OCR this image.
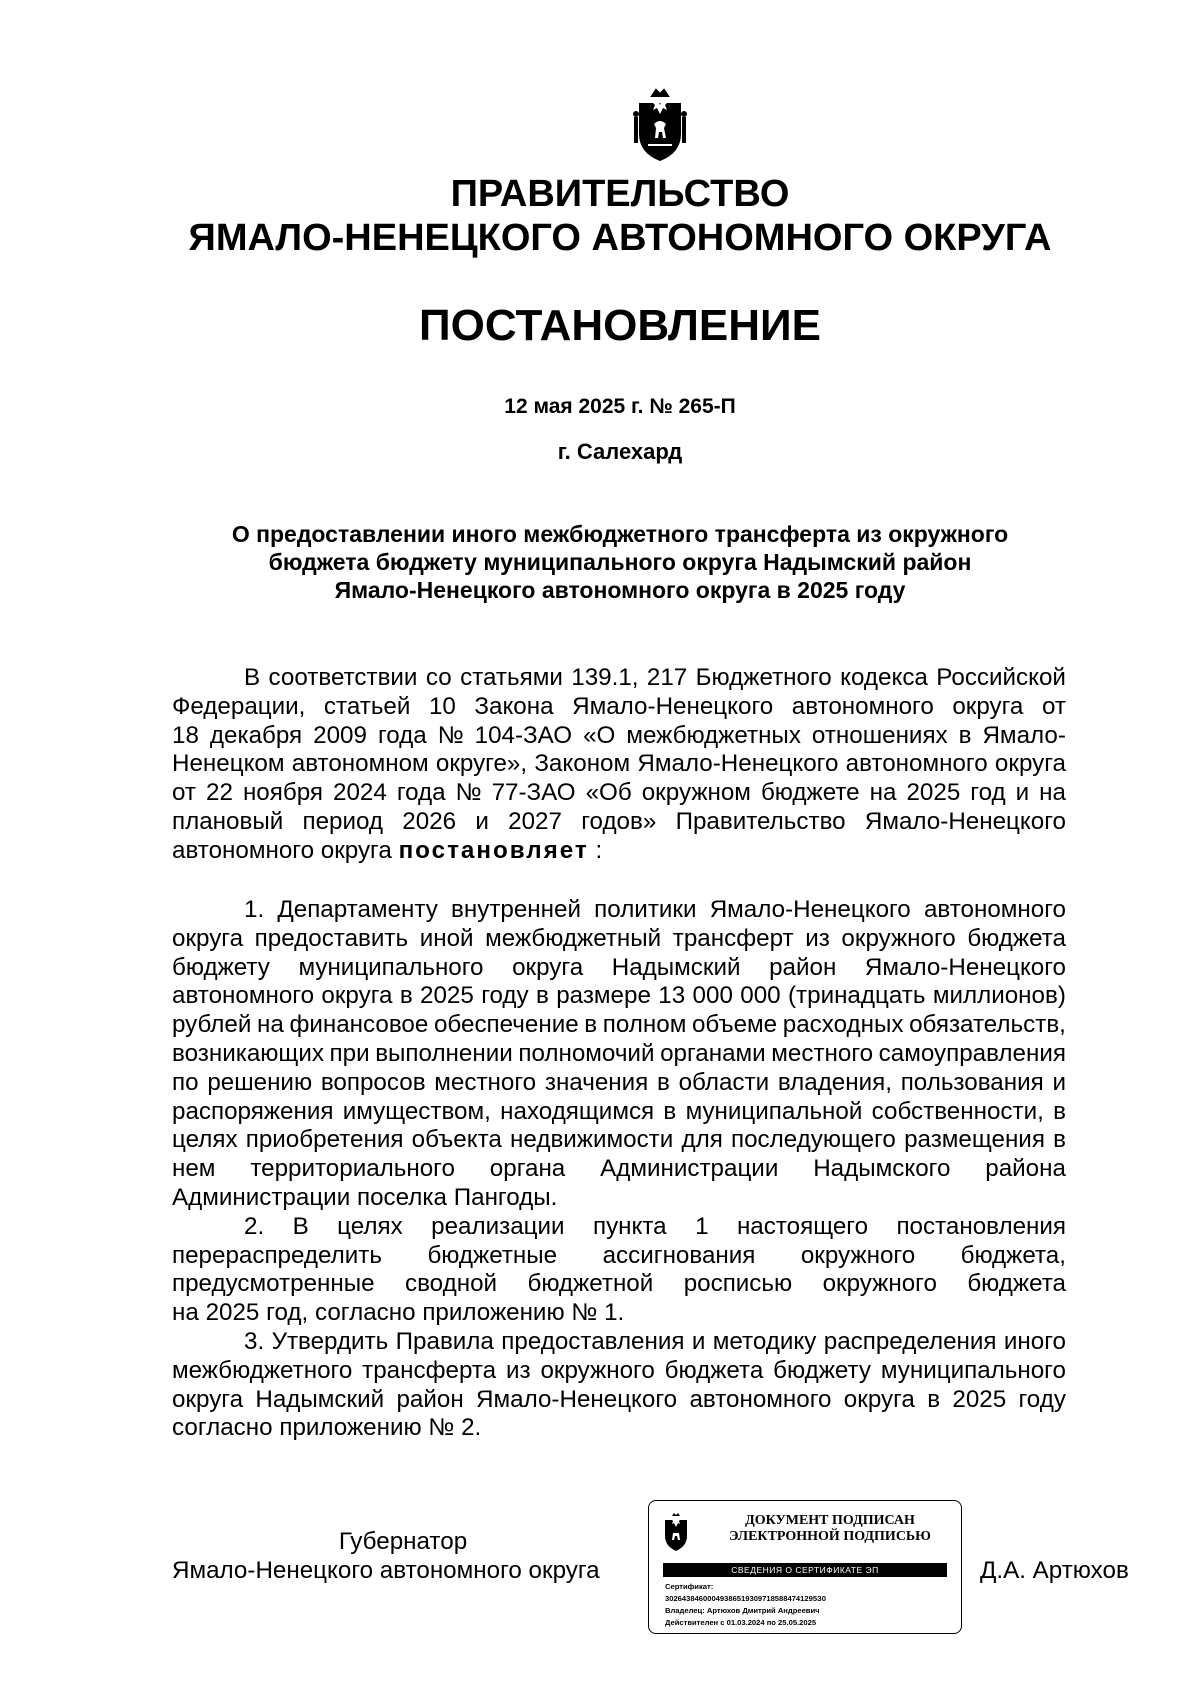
ПРАВИТЕЛЬСТВО
ЯМАЛО-НЕНЕЦКОГО АВТОНОМНОГО ОКРУГА
ПОСТАНОВЛЕНИЕ
12 мая 2025 г. № 265-П
г. Салехард
О предоставлении иного межбюджетного трансферта из окружного
бюджета бюджету муниципального округа Надымский район
Ямало-Ненецкого автономного округа в 2025 году
В соответствии со статьями 139.1, 217 Бюджетного кодекса Российской
Федерации, статьей 10 Закона Ямало-Ненецкого автономного округа от
18 декабря 2009 года № 104-ЗАО «О межбюджетных отношениях в Ямало-
Ненецком автономном округе», Законом Ямало-Ненецкого автономного округа
от 22 ноября 2024 года № 77-ЗАО «Об окружном бюджете на 2025 год и на
плановый период 2026 и 2027 годов» Правительство Ямало-Ненецкого
автономного округа постановляет :
1. Департаменту внутренней политики Ямало-Ненецкого автономного
округа предоставить иной межбюджетный трансферт из окружного бюджета
бюджету муниципального округа Надымский район Ямало-Ненецкого
автономного округа в 2025 году в размере 13 000 000 (тринадцать миллионов)
рублей на финансовое обеспечение в полном объеме расходных обязательств,
возникающих при выполнении полномочий органами местного самоуправления
по решению вопросов местного значения в области владения, пользования и
распоряжения имуществом, находящимся в муниципальной собственности, в
целях приобретения объекта недвижимости для последующего размещения в
нем территориального органа Администрации Надымского района
Администрации поселка Пангоды.
2. В целях реализации пункта 1 настоящего постановления
перераспределить бюджетные ассигнования окружного бюджета,
предусмотренные сводной бюджетной росписью окружного бюджета
на 2025 год, согласно приложению № 1.
3. Утвердить Правила предоставления и методику распределения иного
межбюджетного трансферта из окружного бюджета бюджету муниципального
округа Надымский район Ямало-Ненецкого автономного округа в 2025 году
согласно приложению № 2.
Губернатор
Ямало-Ненецкого автономного округа
ДОКУМЕНТ ПОДПИСАН
ЭЛЕКТРОННОЙ ПОДПИСЬЮ
СВЕДЕНИЯ О СЕРТИФИКАТЕ ЭП
Сертификат:
302643846000493865193097185884741295З0
Владелец: Артюхов Дмитрий Андреевич
Действителен с 01.03.2024 по 25.05.2025
Д.А. Артюхов
